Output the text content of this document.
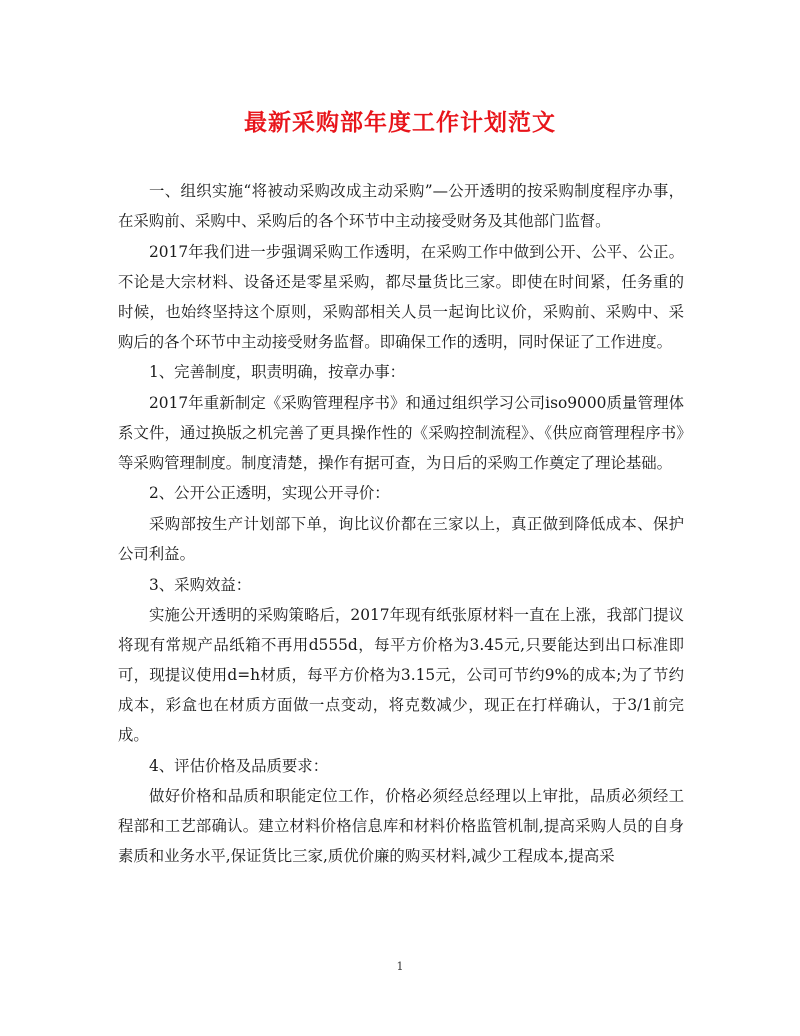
最新采购部年度工作计划范文

一、组织实施“将被动采购改成主动采购”—公开透明的按采购制度程序办事，在采购前、采购中、采购后的各个环节中主动接受财务及其他部门监督。

2017年我们进一步强调采购工作透明，在采购工作中做到公开、公平、公正。不论是大宗材料、设备还是零星采购，都尽量货比三家。即使在时间紧，任务重的时候，也始终坚持这个原则，采购部相关人员一起询比议价，采购前、采购中、采购后的各个环节中主动接受财务监督。即确保工作的透明，同时保证了工作进度。

1、完善制度，职责明确，按章办事：

2017年重新制定《采购管理程序书》和通过组织学习公司iso9000质量管理体系文件，通过换版之机完善了更具操作性的《采购控制流程》、《供应商管理程序书》等采购管理制度。制度清楚，操作有据可查，为日后的采购工作奠定了理论基础。

2、公开公正透明，实现公开寻价：

采购部按生产计划部下单，询比议价都在三家以上，真正做到降低成本、保护公司利益。

3、采购效益：

实施公开透明的采购策略后，2017年现有纸张原材料一直在上涨，我部门提议将现有常规产品纸箱不再用d555d，每平方价格为3.45元,只要能达到出口标准即可，现提议使用d=h材质，每平方价格为3.15元，公司可节约9%的成本;为了节约成本，彩盒也在材质方面做一点变动，将克数减少，现正在打样确认，于3/1前完成。

4、评估价格及品质要求：

做好价格和品质和职能定位工作，价格必须经总经理以上审批，品质必须经工程部和工艺部确认。建立材料价格信息库和材料价格监管机制,提高采购人员的自身素质和业务水平,保证货比三家,质优价廉的购买材料,减少工程成本,提高采

1
